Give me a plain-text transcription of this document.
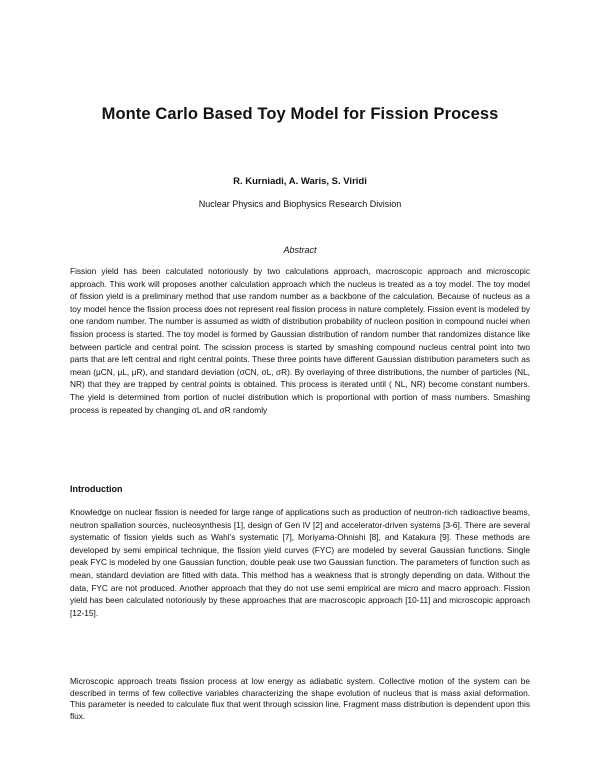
Monte Carlo Based Toy Model for Fission Process
R. Kurniadi, A. Waris, S. Viridi
Nuclear Physics and Biophysics Research Division
Abstract
Fission yield has been calculated notoriously by two calculations approach, macroscopic approach and microscopic approach. This work will proposes another calculation approach which the nucleus is treated as a toy model. The toy model of fission yield is a preliminary method that use random number as a backbone of the calculation. Because of nucleus as a toy model hence the fission process does not represent real fission process in nature completely. Fission event is modeled by one random number. The number is assumed as width of distribution probability of nucleon position in compound nuclei when fission process is started. The toy model is formed by Gaussian distribution of random number that randomizes distance like between particle and central point. The scission process is started by smashing compound nucleus central point into two parts that are left central and right central points. These three points have different Gaussian distribution parameters such as mean (μCN, μL, μR), and standard deviation (σCN, σL, σR). By overlaying of three distributions, the number of particles (NL, NR) that they are trapped by central points is obtained. This process is iterated until ( NL, NR) become constant numbers. The yield is determined from portion of nuclei distribution which is proportional with portion of mass numbers. Smashing process is repeated by changing σL and σR randomly
Introduction
Knowledge on nuclear fission is needed for large range of applications such as production of neutron-rich radioactive beams, neutron spallation sources, nucleosynthesis [1], design of Gen IV [2] and accelerator-driven systems [3-6]. There are several systematic of fission yields such as Wahl’s systematic [7], Moriyama-Ohnishi [8], and Katakura [9]. These methods are developed by semi empirical technique, the fission yield curves (FYC) are modeled by several Gaussian functions. Single peak FYC is modeled by one Gaussian function, double peak use two Gaussian function. The parameters of function such as mean, standard deviation are fitted with data. This method has a weakness that is strongly depending on data. Without the data, FYC are not produced. Another approach that they do not use semi empirical are micro and macro approach. Fission yield has been calculated notoriously by these approaches that are macroscopic approach [10-11] and microscopic approach [12-15].
Microscopic approach treats fission process at low energy as adiabatic system. Collective motion of the system can be described in terms of few collective variables characterizing the shape evolution of nucleus that is mass axial deformation. This parameter is needed to calculate flux that went through scission line. Fragment mass distribution is dependent upon this flux.
